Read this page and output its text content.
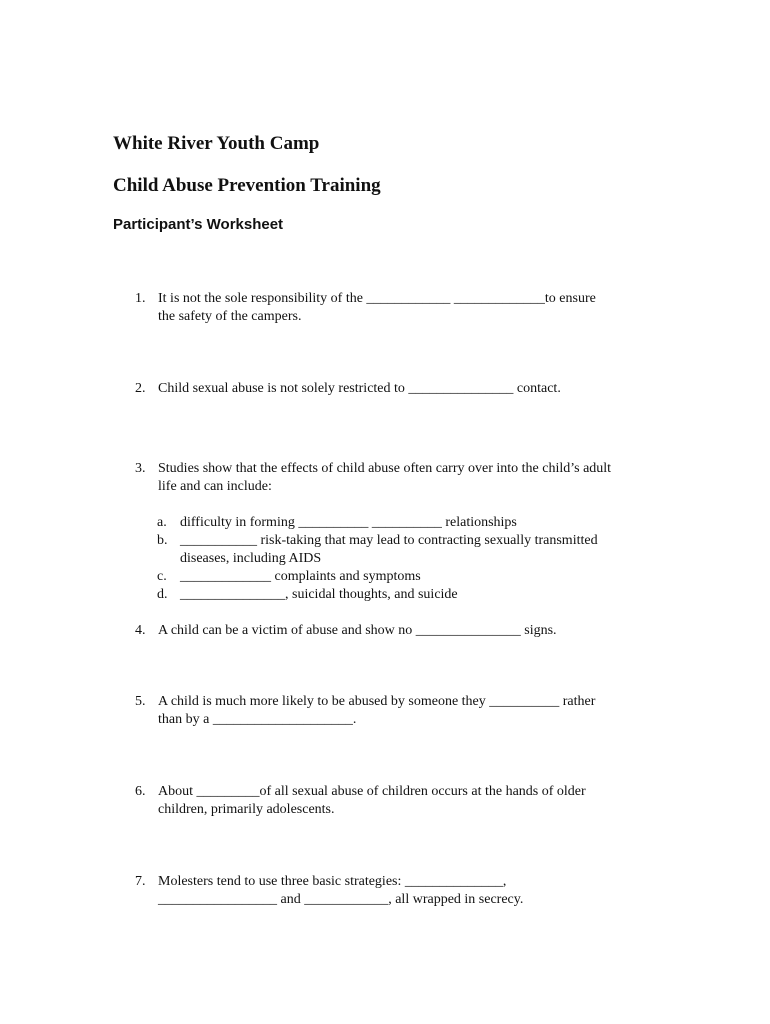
White River Youth Camp
Child Abuse Prevention Training
Participant’s Worksheet
1. It is not the sole responsibility of the ____________ _____________to ensure
the safety of the campers.
2. Child sexual abuse is not solely restricted to _______________ contact.
3. Studies show that the effects of child abuse often carry over into the child’s adult
life and can include:
a. difficulty in forming __________ __________ relationships
b. ___________ risk-taking that may lead to contracting sexually transmitted
diseases, including AIDS
c. _____________ complaints and symptoms
d. _______________, suicidal thoughts, and suicide
4. A child can be a victim of abuse and show no _______________ signs.
5. A child is much more likely to be abused by someone they __________ rather
than by a ____________________.
6. About _________of all sexual abuse of children occurs at the hands of older
children, primarily adolescents.
7. Molesters tend to use three basic strategies: ______________,
_________________ and ____________, all wrapped in secrecy.
